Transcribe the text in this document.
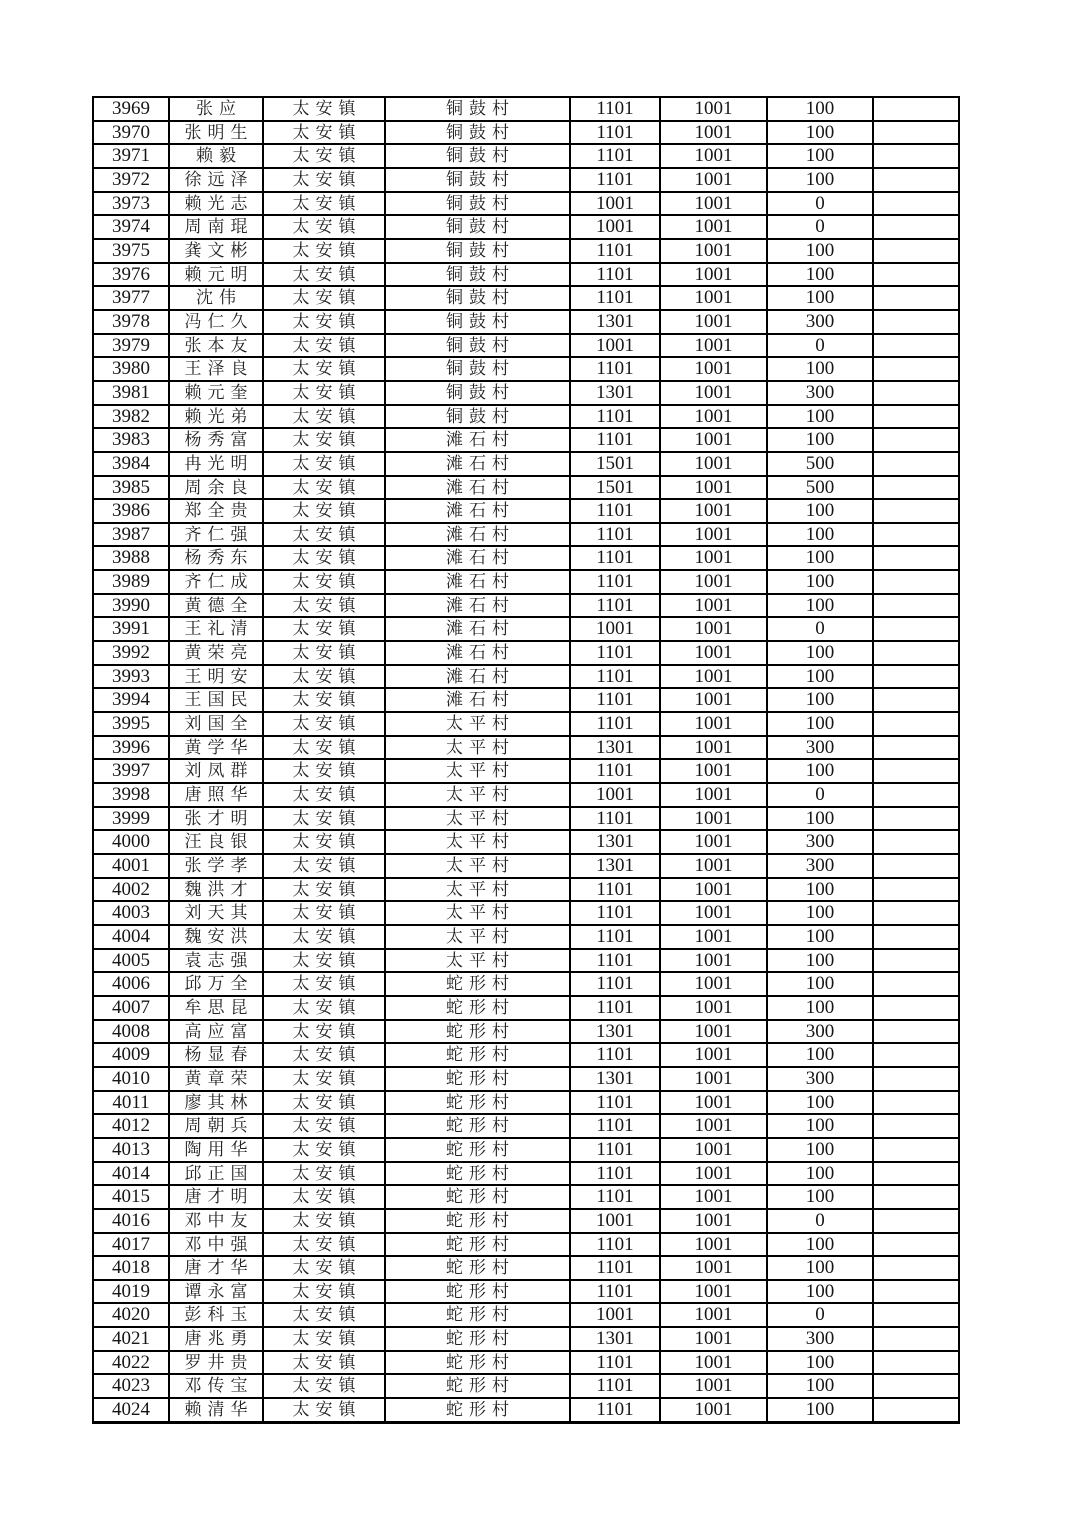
3969	张应	太安镇	铜鼓村	1101	1001	100	
3970	张明生	太安镇	铜鼓村	1101	1001	100	
3971	赖毅	太安镇	铜鼓村	1101	1001	100	
3972	徐远泽	太安镇	铜鼓村	1101	1001	100	
3973	赖光志	太安镇	铜鼓村	1001	1001	0	
3974	周南琨	太安镇	铜鼓村	1001	1001	0	
3975	龚文彬	太安镇	铜鼓村	1101	1001	100	
3976	赖元明	太安镇	铜鼓村	1101	1001	100	
3977	沈伟	太安镇	铜鼓村	1101	1001	100	
3978	冯仁久	太安镇	铜鼓村	1301	1001	300	
3979	张本友	太安镇	铜鼓村	1001	1001	0	
3980	王泽良	太安镇	铜鼓村	1101	1001	100	
3981	赖元奎	太安镇	铜鼓村	1301	1001	300	
3982	赖光弟	太安镇	铜鼓村	1101	1001	100	
3983	杨秀富	太安镇	滩石村	1101	1001	100	
3984	冉光明	太安镇	滩石村	1501	1001	500	
3985	周余良	太安镇	滩石村	1501	1001	500	
3986	郑全贵	太安镇	滩石村	1101	1001	100	
3987	齐仁强	太安镇	滩石村	1101	1001	100	
3988	杨秀东	太安镇	滩石村	1101	1001	100	
3989	齐仁成	太安镇	滩石村	1101	1001	100	
3990	黄德全	太安镇	滩石村	1101	1001	100	
3991	王礼清	太安镇	滩石村	1001	1001	0	
3992	黄荣亮	太安镇	滩石村	1101	1001	100	
3993	王明安	太安镇	滩石村	1101	1001	100	
3994	王国民	太安镇	滩石村	1101	1001	100	
3995	刘国全	太安镇	太平村	1101	1001	100	
3996	黄学华	太安镇	太平村	1301	1001	300	
3997	刘凤群	太安镇	太平村	1101	1001	100	
3998	唐照华	太安镇	太平村	1001	1001	0	
3999	张才明	太安镇	太平村	1101	1001	100	
4000	汪良银	太安镇	太平村	1301	1001	300	
4001	张学孝	太安镇	太平村	1301	1001	300	
4002	魏洪才	太安镇	太平村	1101	1001	100	
4003	刘天其	太安镇	太平村	1101	1001	100	
4004	魏安洪	太安镇	太平村	1101	1001	100	
4005	袁志强	太安镇	太平村	1101	1001	100	
4006	邱万全	太安镇	蛇形村	1101	1001	100	
4007	牟思昆	太安镇	蛇形村	1101	1001	100	
4008	高应富	太安镇	蛇形村	1301	1001	300	
4009	杨显春	太安镇	蛇形村	1101	1001	100	
4010	黄章荣	太安镇	蛇形村	1301	1001	300	
4011	廖其林	太安镇	蛇形村	1101	1001	100	
4012	周朝兵	太安镇	蛇形村	1101	1001	100	
4013	陶用华	太安镇	蛇形村	1101	1001	100	
4014	邱正国	太安镇	蛇形村	1101	1001	100	
4015	唐才明	太安镇	蛇形村	1101	1001	100	
4016	邓中友	太安镇	蛇形村	1001	1001	0	
4017	邓中强	太安镇	蛇形村	1101	1001	100	
4018	唐才华	太安镇	蛇形村	1101	1001	100	
4019	谭永富	太安镇	蛇形村	1101	1001	100	
4020	彭科玉	太安镇	蛇形村	1001	1001	0	
4021	唐兆勇	太安镇	蛇形村	1301	1001	300	
4022	罗井贵	太安镇	蛇形村	1101	1001	100	
4023	邓传宝	太安镇	蛇形村	1101	1001	100	
4024	赖清华	太安镇	蛇形村	1101	1001	100	
